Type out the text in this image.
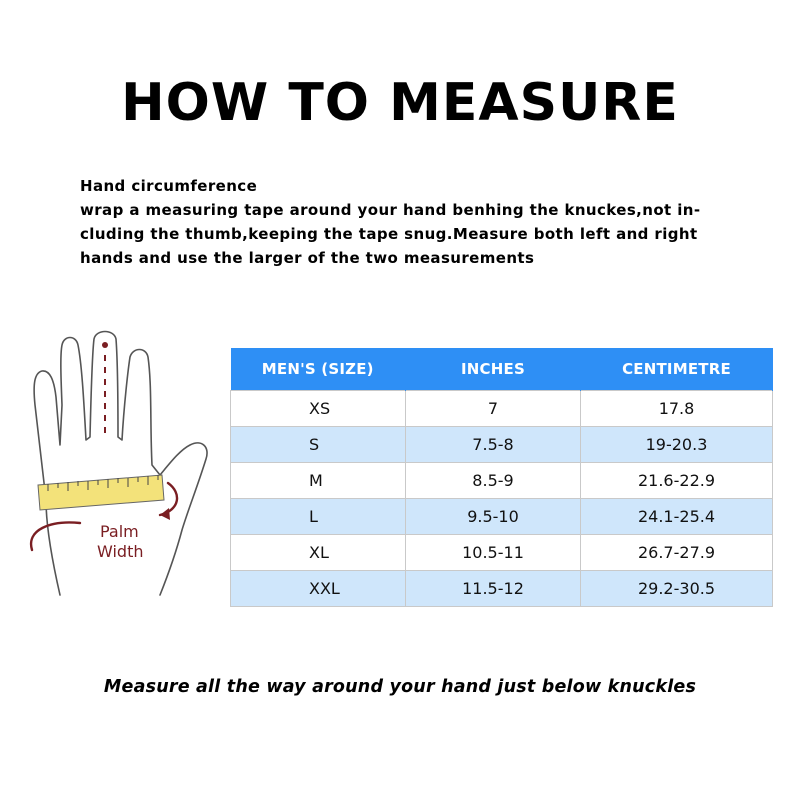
HOW TO MEASURE
Hand circumference
wrap a measuring tape around your hand benhing the knuckes,not in-
cluding the thumb,keeping the tape snug.Measure both left and right
hands and use the larger of the two measurements
Palm
Width
MEN'S (SIZE)	INCHES	CENTIMETRE
XS	7	17.8
S	7.5-8	19-20.3
M	8.5-9	21.6-22.9
L	9.5-10	24.1-25.4
XL	10.5-11	26.7-27.9
XXL	11.5-12	29.2-30.5
Measure all the way around your hand just below knuckles
